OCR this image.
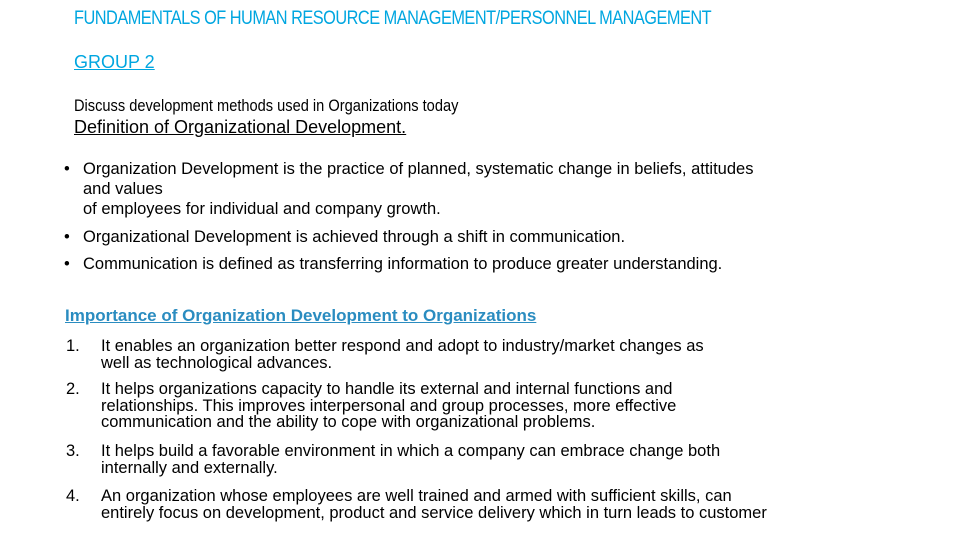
FUNDAMENTALS OF HUMAN RESOURCE MANAGEMENT/PERSONNEL MANAGEMENT
GROUP 2
Discuss development methods used in Organizations today
Definition of Organizational Development.
• Organization Development is the practice of planned, systematic change in beliefs, attitudes
and values
of employees for individual and company growth.
• Organizational Development is achieved through a shift in communication.
• Communication is defined as transferring information to produce greater understanding.
Importance of Organization Development to Organizations
1. It enables an organization better respond and adopt to industry/market changes as
well as technological advances.
2. It helps organizations capacity to handle its external and internal functions and
relationships. This improves interpersonal and group processes, more effective
communication and the ability to cope with organizational problems.
3. It helps build a favorable environment in which a company can embrace change both
internally and externally.
4. An organization whose employees are well trained and armed with sufficient skills, can
entirely focus on development, product and service delivery which in turn leads to customer
